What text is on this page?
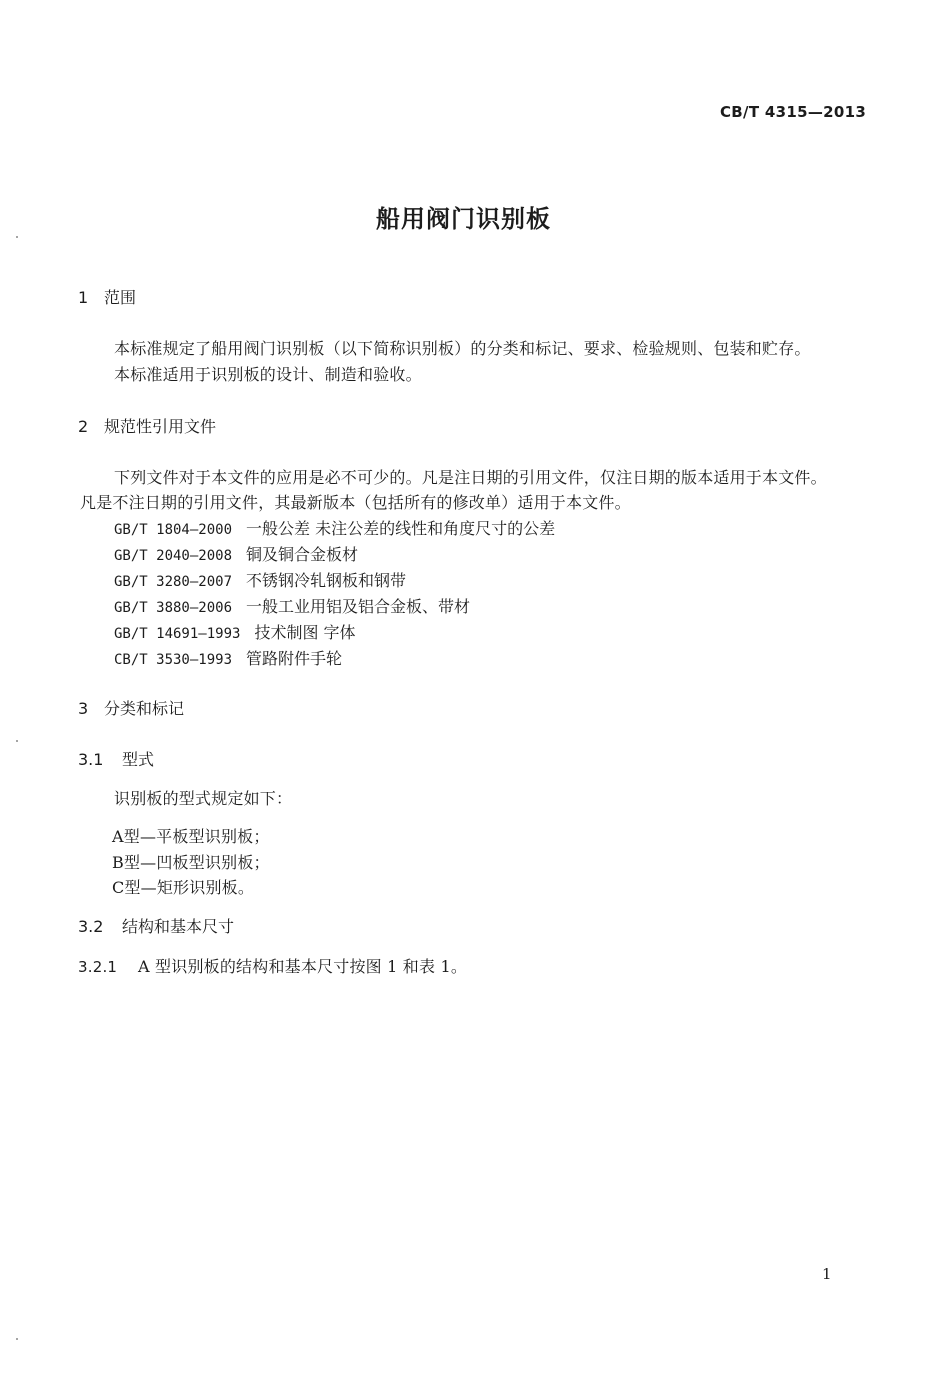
CB/T 4315—2013
船用阀门识别板
1 范围
本标准规定了船用阀门识别板（以下简称识别板）的分类和标记、要求、检验规则、包装和贮存。
本标准适用于识别板的设计、制造和验收。
2 规范性引用文件
下列文件对于本文件的应用是必不可少的。凡是注日期的引用文件，仅注日期的版本适用于本文件。
凡是不注日期的引用文件，其最新版本（包括所有的修改单）适用于本文件。
GB/T 1804—2000 一般公差 未注公差的线性和角度尺寸的公差
GB/T 2040—2008 铜及铜合金板材
GB/T 3280—2007 不锈钢冷轧钢板和钢带
GB/T 3880—2006 一般工业用铝及铝合金板、带材
GB/T 14691—1993 技术制图 字体
CB/T 3530—1993 管路附件手轮
3 分类和标记
3.1 型式
识别板的型式规定如下：
A型—平板型识别板；
B型—凹板型识别板；
C型—矩形识别板。
3.2 结构和基本尺寸
3.2.1 A 型识别板的结构和基本尺寸按图 1 和表 1。
1
